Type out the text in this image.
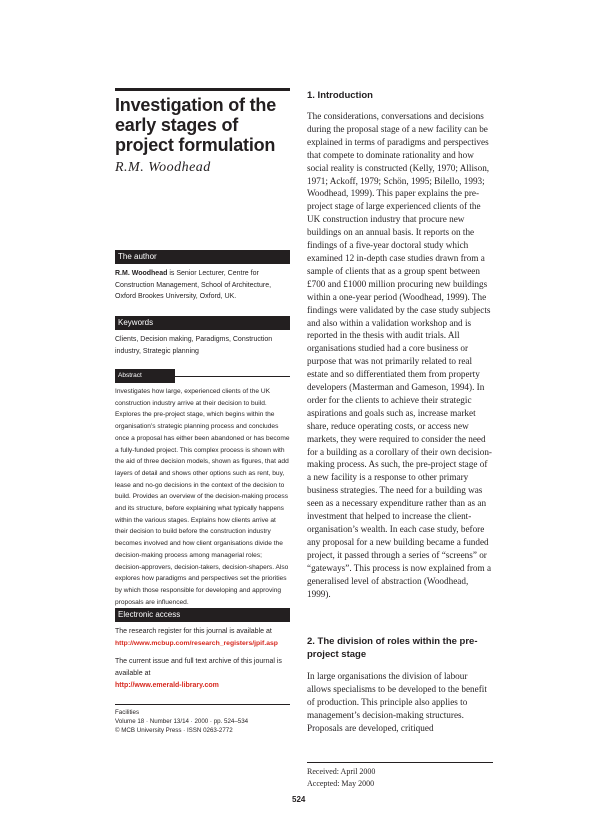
Investigation of the early stages of project formulation
R.M. Woodhead
The author
R.M. Woodhead is Senior Lecturer, Centre for Construction Management, School of Architecture, Oxford Brookes University, Oxford, UK.
Keywords
Clients, Decision making, Paradigms, Construction industry, Strategic planning
Abstract
Investigates how large, experienced clients of the UK construction industry arrive at their decision to build. Explores the pre-project stage, which begins within the organisation’s strategic planning process and concludes once a proposal has either been abandoned or has become a fully-funded project. This complex process is shown with the aid of three decision models, shown as figures, that add layers of detail and shows other options such as rent, buy, lease and no-go decisions in the context of the decision to build. Provides an overview of the decision-making process and its structure, before explaining what typically happens within the various stages. Explains how clients arrive at their decision to build before the construction industry becomes involved and how client organisations divide the decision-making process among managerial roles; decision-approvers, decision-takers, decision-shapers. Also explores how paradigms and perspectives set the priorities by which those responsible for developing and approving proposals are influenced.
Electronic access
The research register for this journal is available at
http://www.mcbup.com/research_registers/jpif.asp
The current issue and full text archive of this journal is available at
http://www.emerald-library.com
Facilities
Volume 18 · Number 13/14 · 2000 · pp. 524–534
© MCB University Press · ISSN 0263-2772
1. Introduction

The considerations, conversations and decisions during the proposal stage of a new facility can be explained in terms of paradigms and perspectives that compete to dominate rationality and how social reality is constructed (Kelly, 1970; Allison, 1971; Ackoff, 1979; Schön, 1995; Bilello, 1993; Woodhead, 1999). This paper explains the pre-project stage of large experienced clients of the UK construction industry that procure new buildings on an annual basis. It reports on the findings of a five-year doctoral study which examined 12 in-depth case studies drawn from a sample of clients that as a group spent between £700 and £1000 million procuring new buildings within a one-year period (Woodhead, 1999). The findings were validated by the case study subjects and also within a validation workshop and is reported in the thesis with audit trials. All organisations studied had a core business or purpose that was not primarily related to real estate and so differentiated them from property developers (Masterman and Gameson, 1994). In order for the clients to achieve their strategic aspirations and goals such as, increase market share, reduce operating costs, or access new markets, they were required to consider the need for a building as a corollary of their own decision-making process. As such, the pre-project stage of a new facility is a response to other primary business strategies. The need for a building was seen as a necessary expenditure rather than as an investment that helped to increase the client-organisation’s wealth. In each case study, before any proposal for a new building became a funded project, it passed through a series of “screens” or “gateways”. This process is now explained from a generalised level of abstraction (Woodhead, 1999).

2. The division of roles within the pre-project stage

In large organisations the division of labour allows specialisms to be developed to the benefit of production. This principle also applies to management’s decision-making structures. Proposals are developed, critiqued

Received: April 2000
Accepted: May 2000
524
